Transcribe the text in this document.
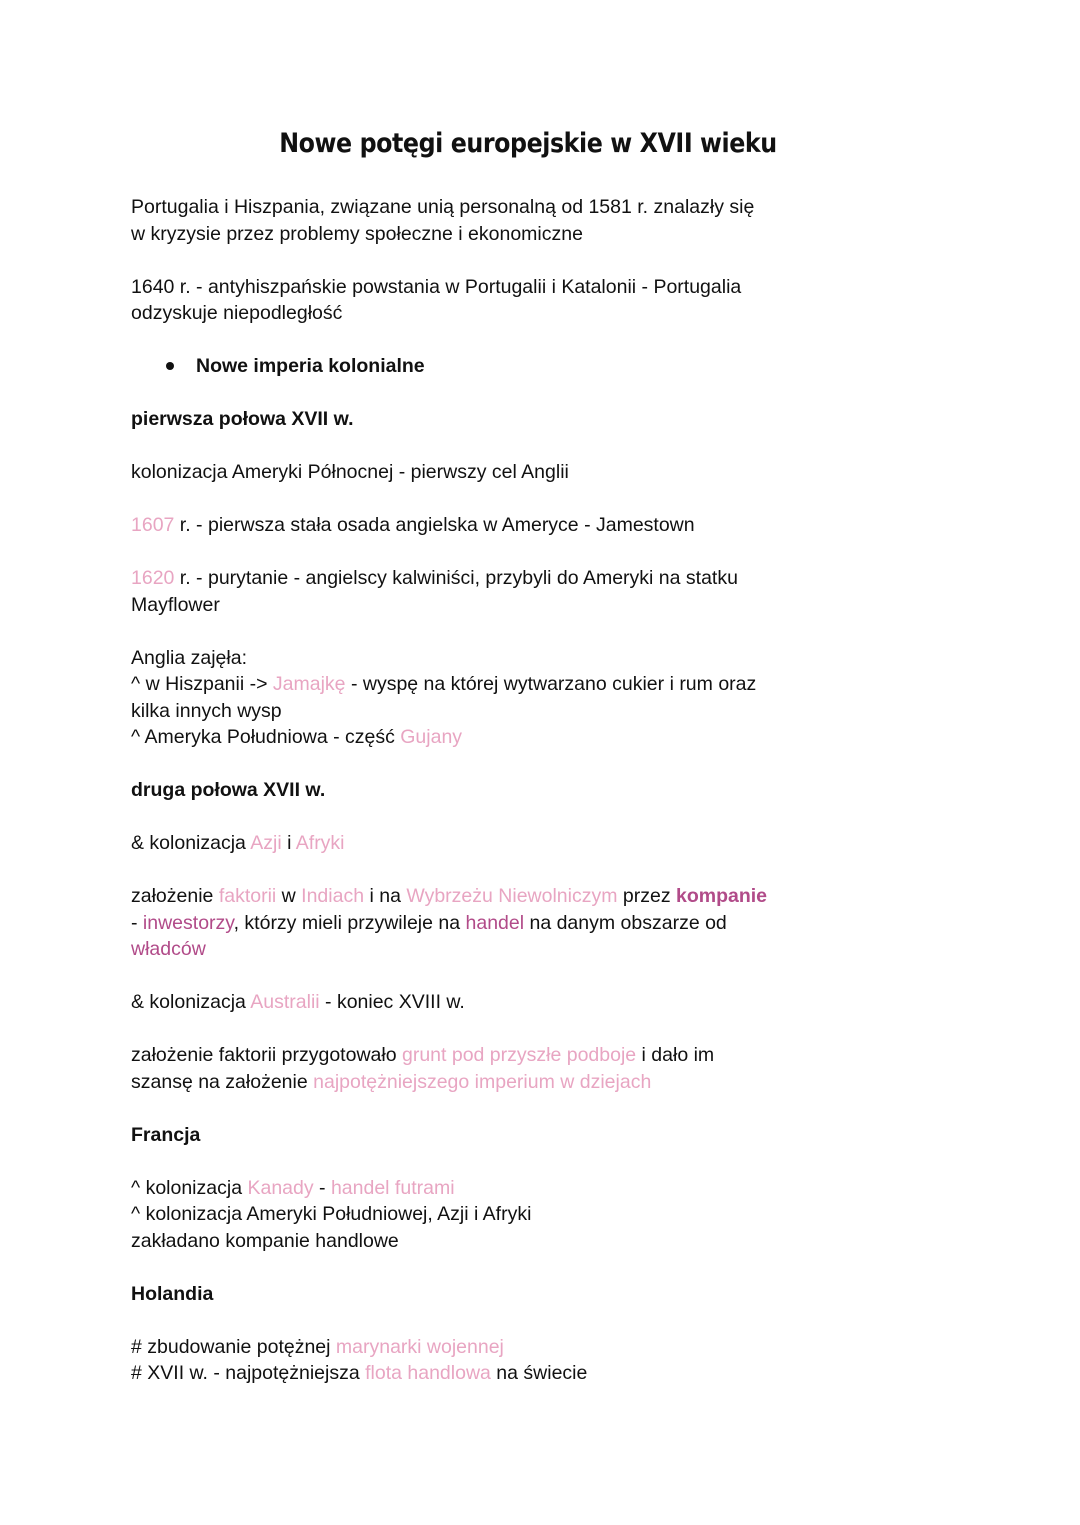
Nowe potęgi europejskie w XVII wieku

Portugalia i Hiszpania, związane unią personalną od 1581 r. znalazły się
w kryzysie przez problemy społeczne i ekonomiczne

1640 r. - antyhiszpańskie powstania w Portugalii i Katalonii - Portugalia
odzyskuje niepodległość

Nowe imperia kolonialne

pierwsza połowa XVII w.

kolonizacja Ameryki Północnej - pierwszy cel Anglii

1607 r. - pierwsza stała osada angielska w Ameryce - Jamestown

1620 r. - purytanie - angielscy kalwiniści, przybyli do Ameryki na statku
Mayflower

Anglia zajęła:
^ w Hiszpanii -> Jamajkę - wyspę na której wytwarzano cukier i rum oraz
kilka innych wysp
^ Ameryka Południowa - część Gujany

druga połowa XVII w.

& kolonizacja Azji i Afryki

założenie faktorii w Indiach i na Wybrzeżu Niewolniczym przez kompanie
- inwestorzy, którzy mieli przywileje na handel na danym obszarze od
władców

& kolonizacja Australii - koniec XVIII w.

założenie faktorii przygotowało grunt pod przyszłe podboje i dało im
szansę na założenie najpotężniejszego imperium w dziejach

Francja

^ kolonizacja Kanady - handel futrami
^ kolonizacja Ameryki Południowej, Azji i Afryki
zakładano kompanie handlowe

Holandia

# zbudowanie potężnej marynarki wojennej
# XVII w. - najpotężniejsza flota handlowa na świecie
